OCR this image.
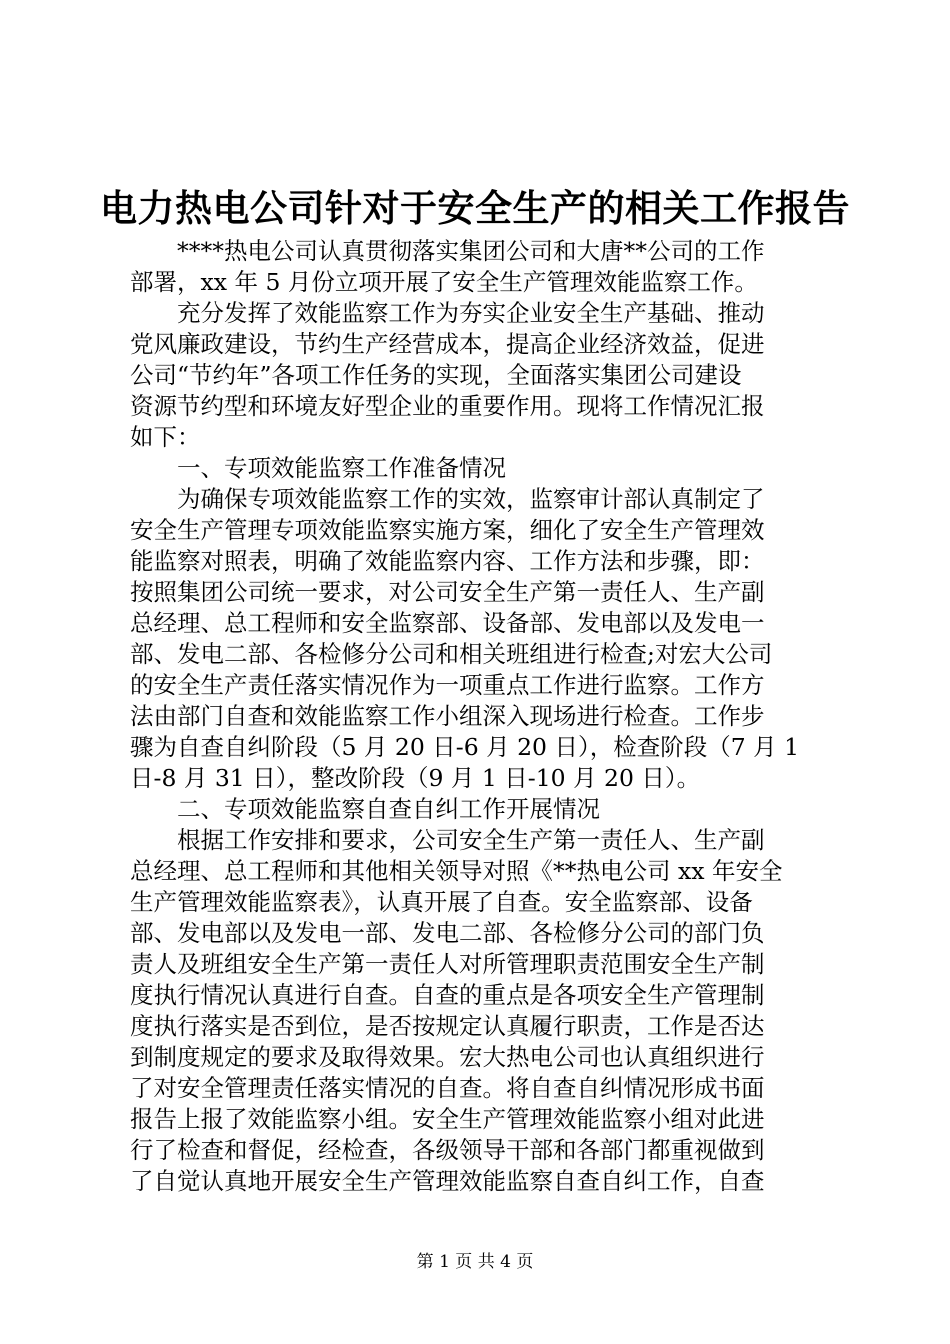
电力热电公司针对于安全生产的相关工作报告
　　****热电公司认真贯彻落实集团公司和大唐**公司的工作
部署，xx 年 5 月份立项开展了安全生产管理效能监察工作。
　　充分发挥了效能监察工作为夯实企业安全生产基础、推动
党风廉政建设，节约生产经营成本，提高企业经济效益，促进
公司“节约年”各项工作任务的实现，全面落实集团公司建设
资源节约型和环境友好型企业的重要作用。现将工作情况汇报
如下：
　　一、专项效能监察工作准备情况
　　为确保专项效能监察工作的实效，监察审计部认真制定了
安全生产管理专项效能监察实施方案，细化了安全生产管理效
能监察对照表，明确了效能监察内容、工作方法和步骤，即：
按照集团公司统一要求，对公司安全生产第一责任人、生产副
总经理、总工程师和安全监察部、设备部、发电部以及发电一
部、发电二部、各检修分公司和相关班组进行检查;对宏大公司
的安全生产责任落实情况作为一项重点工作进行监察。工作方
法由部门自查和效能监察工作小组深入现场进行检查。工作步
骤为自查自纠阶段（5 月 20 日-6 月 20 日），检查阶段（7 月 1
日-8 月 31 日），整改阶段（9 月 1 日-10 月 20 日）。
　　二、专项效能监察自查自纠工作开展情况
　　根据工作安排和要求，公司安全生产第一责任人、生产副
总经理、总工程师和其他相关领导对照《**热电公司 xx 年安全
生产管理效能监察表》，认真开展了自查。安全监察部、设备
部、发电部以及发电一部、发电二部、各检修分公司的部门负
责人及班组安全生产第一责任人对所管理职责范围安全生产制
度执行情况认真进行自查。自查的重点是各项安全生产管理制
度执行落实是否到位，是否按规定认真履行职责，工作是否达
到制度规定的要求及取得效果。宏大热电公司也认真组织进行
了对安全管理责任落实情况的自查。将自查自纠情况形成书面
报告上报了效能监察小组。安全生产管理效能监察小组对此进
行了检查和督促，经检查，各级领导干部和各部门都重视做到
了自觉认真地开展安全生产管理效能监察自查自纠工作，自查
第 1 页 共 4 页
